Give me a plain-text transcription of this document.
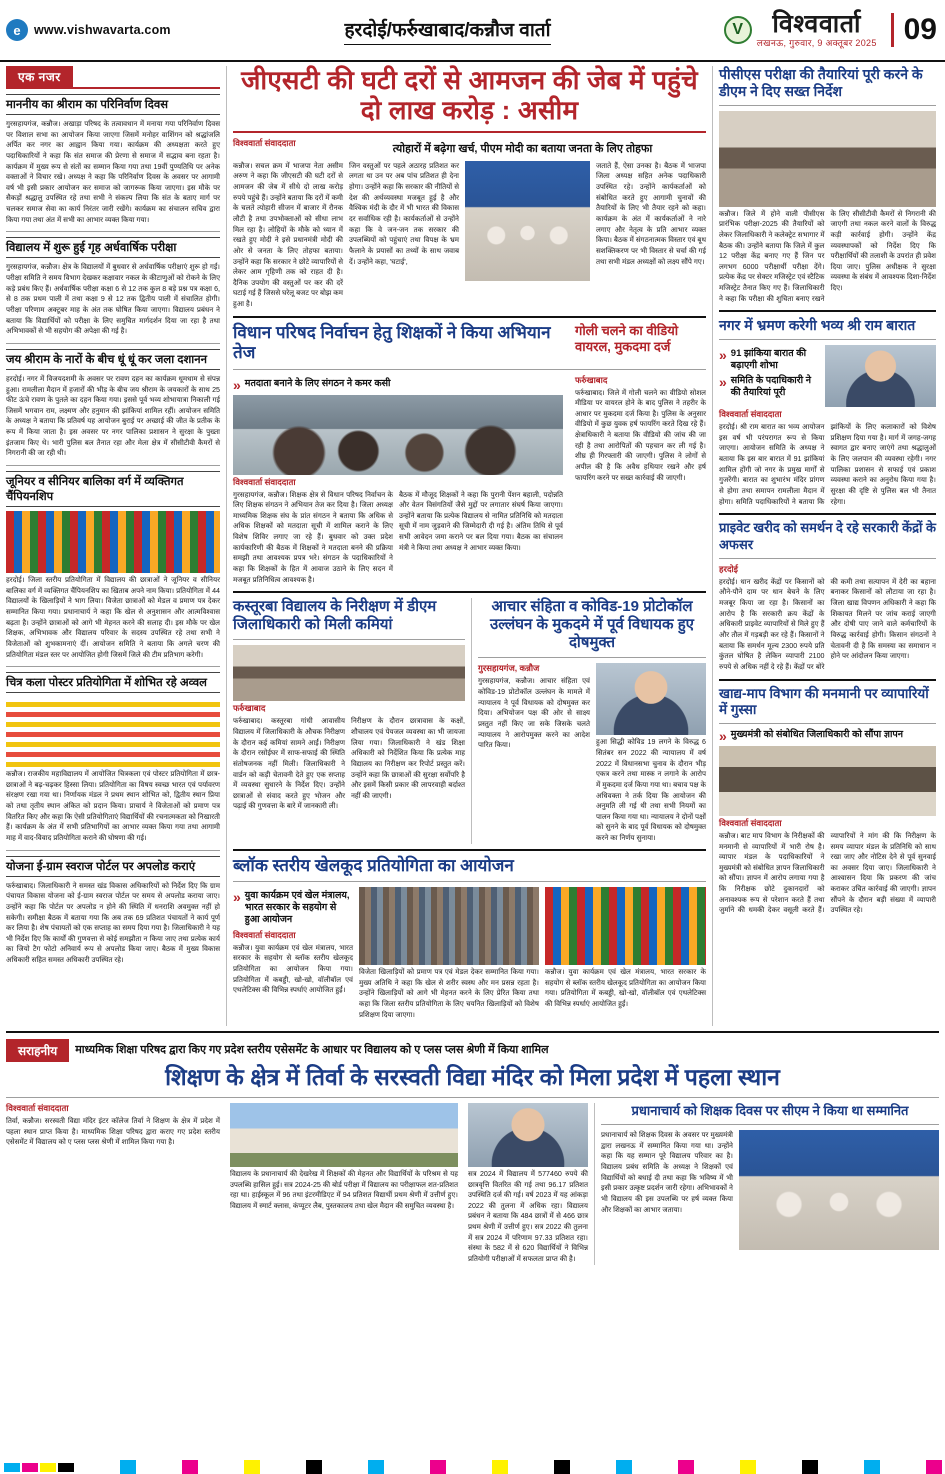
e	www.vishwavarta.com	हरदोई/फर्रुखाबाद/कन्नौज वार्ता	V	विश्ववार्ता
लखनऊ, गुरुवार, 9 अक्तूबर 2025 09
एक नजर
माननीय का श्रीराम का परिनिर्वाण दिवस
गुरसहायगंज, कन्नौज। अखाड़ा परिषद के तत्वावधान में मनाया गया परिनिर्वाण दिवस पर विशाल सभा का आयोजन किया जाएगा जिसमें मनोहर वाशिंगन को श्रद्धांजलि अर्पित कर नगर का आह्वान किया गया। कार्यक्रम की अध्यक्षता करते हुए पदाधिकारियों ने कहा कि संत समाज की प्रेरणा से समाज में सद्भाव बना रहता है। कार्यक्रम में मुख्य रूप से संतों का सम्मान किया गया तथा 19वीं पुण्यतिथि पर अनेक वक्ताओं ने विचार रखे। अध्यक्ष ने कहा कि परिनिर्वाण दिवस के अवसर पर आगामी वर्ष भी इसी प्रकार आयोजन कर समाज को जागरूक किया जाएगा। इस मौके पर सैकड़ों श्रद्धालु उपस्थित रहे तथा सभी ने संकल्प लिया कि संत के बताए मार्ग पर चलकर समाज सेवा का कार्य निरंतर जारी रखेंगे। कार्यक्रम का संचालन सचिव द्वारा किया गया तथा अंत में सभी का आभार व्यक्त किया गया।
विद्यालय में शुरू हुई गृह अर्धवार्षिक परीक्षा
गुरसहायगंज, कन्नौज। क्षेत्र के विद्यालयों में बुधवार से अर्धवार्षिक परीक्षाएं शुरू हो गईं। परीक्षा समिति ने समय विभाग देखकर कक्षावार नकल के कीटाणुओं को रोकने के लिए कड़े प्रबंध किए हैं। अर्धवार्षिक परीक्षा कक्षा 6 से 12 तक कुल 8 बड़े प्रश्न पत्र कक्षा 6, से 8 तक प्रथम पाली में तथा कक्षा 9 से 12 तक द्वितीय पाली में संचालित होगी। परीक्षा परिणाम अक्टूबर माह के अंत तक घोषित किया जाएगा। विद्यालय प्रबंधन ने बताया कि विद्यार्थियों को परीक्षा के लिए समुचित मार्गदर्शन दिया जा रहा है तथा अभिभावकों से भी सहयोग की अपेक्षा की गई है।
जय श्रीराम के नारों के बीच धूं धूं कर जला दशानन
हरदोई। नगर में विजयदशमी के अवसर पर रावण दहन का कार्यक्रम धूमधाम से संपन्न हुआ। रामलीला मैदान में हजारों की भीड़ के बीच जय श्रीराम के जयकारों के साथ 25 फीट ऊंचे रावण के पुतले का दहन किया गया। इससे पूर्व भव्य शोभायात्रा निकाली गई जिसमें भगवान राम, लक्ष्मण और हनुमान की झांकियां शामिल रहीं। आयोजन समिति के अध्यक्ष ने बताया कि प्रतिवर्ष यह आयोजन बुराई पर अच्छाई की जीत के प्रतीक के रूप में किया जाता है। इस अवसर पर नगर पालिका प्रशासन ने सुरक्षा के पुख्ता इंतजाम किए थे। भारी पुलिस बल तैनात रहा और मेला क्षेत्र में सीसीटीवी कैमरों से निगरानी की जा रही थी।
जूनियर व सीनियर बालिका वर्ग में व्यक्तिगत चैंपियनशिप
हरदोई। जिला स्तरीय प्रतियोगिता में विद्यालय की छात्राओं ने जूनियर व सीनियर बालिका वर्ग में व्यक्तिगत चैंपियनशिप का खिताब अपने नाम किया। प्रतियोगिता में 44 विद्यालयों के खिलाड़ियों ने भाग लिया। विजेता छात्राओं को मेडल व प्रमाण पत्र देकर सम्मानित किया गया। प्रधानाचार्य ने कहा कि खेल से अनुशासन और आत्मविश्वास बढ़ता है। उन्होंने छात्राओं को आगे भी मेहनत करने की सलाह दी। इस मौके पर खेल शिक्षक, अभिभावक और विद्यालय परिवार के सदस्य उपस्थित रहे तथा सभी ने विजेताओं को शुभकामनाएं दीं। आयोजन समिति ने बताया कि अगले चरण की प्रतियोगिता मंडल स्तर पर आयोजित होगी जिसमें जिले की टीम प्रतिभाग करेगी।
चित्र कला पोस्टर प्रतियोगिता में शोभित रहे अव्वल
कन्नौज। राजकीय महाविद्यालय में आयोजित चित्रकला एवं पोस्टर प्रतियोगिता में छात्र-छात्राओं ने बढ़-चढ़कर हिस्सा लिया। प्रतियोगिता का विषय स्वच्छ भारत एवं पर्यावरण संरक्षण रखा गया था। निर्णायक मंडल ने प्रथम स्थान शोभित को, द्वितीय स्थान प्रिया को तथा तृतीय स्थान अंकित को प्रदान किया। प्राचार्य ने विजेताओं को प्रमाण पत्र वितरित किए और कहा कि ऐसी प्रतियोगिताएं विद्यार्थियों की रचनात्मकता को निखारती हैं। कार्यक्रम के अंत में सभी प्रतिभागियों का आभार व्यक्त किया गया तथा आगामी माह में वाद-विवाद प्रतियोगिता कराने की घोषणा की गई।
योजना ई-ग्राम स्वराज पोर्टल पर अपलोड कराएं
फर्रुखाबाद। जिलाधिकारी ने समस्त खंड विकास अधिकारियों को निर्देश दिए कि ग्राम पंचायत विकास योजना को ई-ग्राम स्वराज पोर्टल पर समय से अपलोड कराया जाए। उन्होंने कहा कि पोर्टल पर अपलोड न होने की स्थिति में धनराशि अवमुक्त नहीं हो सकेगी। समीक्षा बैठक में बताया गया कि अब तक 69 प्रतिशत पंचायतों ने कार्य पूर्ण कर लिया है। शेष पंचायतों को एक सप्ताह का समय दिया गया है। जिलाधिकारी ने यह भी निर्देश दिए कि कार्यों की गुणवत्ता से कोई समझौता न किया जाए तथा प्रत्येक कार्य का जियो टैग फोटो अनिवार्य रूप से अपलोड किया जाए। बैठक में मुख्य विकास अधिकारी सहित समस्त अधिकारी उपस्थित रहे।
जीएसटी की घटी दरों से आमजन की जेब में पहुंचे दो लाख करोड़ : असीम
विश्ववार्ता संवाददाता	त्योहारों में बढ़ेगा खर्च, पीएम मोदी का बताया जनता के लिए तोहफा
कन्नौज। सचल क्रम में भाजपा नेता असीम अरुण ने कहा कि जीएसटी की घटी दरों से आमजन की जेब में सीधे दो लाख करोड़ रुपये पहुंचे हैं। उन्होंने बताया कि दरों में कमी के चलते त्योहारी सीजन में बाजार में रौनक लौटी है तथा उपभोक्ताओं को सीधा लाभ मिल रहा है। लोहियों के मौके को ध्यान में रखते हुए मोदी ने इसे प्रधानमंत्री मोदी की ओर से जनता के लिए तोहफा बताया। उन्होंने कहा कि सरकार ने छोटे व्यापारियों से लेकर आम गृहिणी तक को राहत दी है। दैनिक उपयोग की वस्तुओं पर कर की दरें घटाई गई हैं जिससे घरेलू बजट पर बोझ कम हुआ है।
जिन वस्तुओं पर पहले अठारह प्रतिशत कर लगता था उन पर अब पांच प्रतिशत ही देना होगा। उन्होंने कहा कि सरकार की नीतियों से देश की अर्थव्यवस्था मजबूत हुई है और वैश्विक मंदी के दौर में भी भारत की विकास दर सर्वाधिक रही है। कार्यकर्ताओं से उन्होंने कहा कि वे जन-जन तक सरकार की उपलब्धियों को पहुंचाएं तथा विपक्ष के भ्रम फैलाने के प्रयासों का तथ्यों के साथ जवाब दें। उन्होंने कहा, 'घटाई',
जताते हैं, ऐसा उनका है। बैठक में भाजपा जिला अध्यक्ष सहित अनेक पदाधिकारी उपस्थित रहे। उन्होंने कार्यकर्ताओं को संबोधित करते हुए आगामी चुनावों की तैयारियों के लिए भी तैयार रहने को कहा। कार्यक्रम के अंत में कार्यकर्ताओं ने नारे लगाए और नेतृत्व के प्रति आभार व्यक्त किया। बैठक में संगठनात्मक विस्तार एवं बूथ सशक्तिकरण पर भी विस्तार से चर्चा की गई तथा सभी मंडल अध्यक्षों को लक्ष्य सौंपे गए।
विधान परिषद निर्वाचन हेतु शिक्षकों ने किया अभियान तेज
गोली चलने का वीडियो वायरल, मुकदमा दर्ज
» मतदाता बनाने के लिए संगठन ने कमर कसी
विश्ववार्ता संवाददाता
गुरसहायगंज, कन्नौज। शिक्षक क्षेत्र से विधान परिषद निर्वाचन के लिए शिक्षक संगठन ने अभियान तेज कर दिया है। जिला अध्यक्ष माध्यमिक शिक्षक संघ के प्रांत संगठन ने बताया कि अधिक से अधिक शिक्षकों को मतदाता सूची में शामिल कराने के लिए विशेष शिविर लगाए जा रहे हैं। बुधवार को उक्त प्रदेश कार्यकारिणी की बैठक में शिक्षकों ने मतदाता बनने की प्रक्रिया समझी तथा आवश्यक प्रपत्र भरे। संगठन के पदाधिकारियों ने कहा कि शिक्षकों के हित में आवाज उठाने के लिए सदन में मजबूत प्रतिनिधित्व आवश्यक है।
बैठक में मौजूद शिक्षकों ने कहा कि पुरानी पेंशन बहाली, पदोन्नति और वेतन विसंगतियों जैसे मुद्दों पर लगातार संघर्ष किया जाएगा। उन्होंने बताया कि प्रत्येक विद्यालय से नामित प्रतिनिधि को मतदाता सूची में नाम जुड़वाने की जिम्मेदारी दी गई है। अंतिम तिथि से पूर्व सभी आवेदन जमा कराने पर बल दिया गया। बैठक का संचालन मंत्री ने किया तथा अध्यक्ष ने आभार व्यक्त किया।
फर्रुखाबाद
फर्रुखाबाद। जिले में गोली चलने का वीडियो सोशल मीडिया पर वायरल होने के बाद पुलिस ने तहरीर के आधार पर मुकदमा दर्ज किया है। पुलिस के अनुसार वीडियो में कुछ युवक हर्ष फायरिंग करते दिख रहे हैं। क्षेत्राधिकारी ने बताया कि वीडियो की जांच की जा रही है तथा आरोपितों की पहचान कर ली गई है। शीघ्र ही गिरफ्तारी की जाएगी। पुलिस ने लोगों से अपील की है कि अवैध हथियार रखने और हर्ष फायरिंग करने पर सख्त कार्रवाई की जाएगी।
कस्तूरबा विद्यालय के निरीक्षण में डीएम जिलाधिकारी को मिली कमियां
फर्रुखाबाद
फर्रुखाबाद। कस्तूरबा गांधी आवासीय विद्यालय में जिलाधिकारी के औचक निरीक्षण के दौरान कई कमियां सामने आईं। निरीक्षण के दौरान रसोईघर में साफ-सफाई की स्थिति संतोषजनक नहीं मिली। जिलाधिकारी ने वार्डन को कड़ी चेतावनी देते हुए एक सप्ताह में व्यवस्था सुधारने के निर्देश दिए। उन्होंने छात्राओं से संवाद करते हुए भोजन और पढ़ाई की गुणवत्ता के बारे में जानकारी ली।
निरीक्षण के दौरान छात्रावास के कक्षों, शौचालय एवं पेयजल व्यवस्था का भी जायजा लिया गया। जिलाधिकारी ने खंड शिक्षा अधिकारी को निर्देशित किया कि प्रत्येक माह विद्यालय का निरीक्षण कर रिपोर्ट प्रस्तुत करें। उन्होंने कहा कि छात्राओं की सुरक्षा सर्वोपरि है और इसमें किसी प्रकार की लापरवाही बर्दाश्त नहीं की जाएगी।
आचार संहिता व कोविड-19 प्रोटोकॉल
उल्लंघन के मुकदमे में पूर्व विधायक हुए दोषमुक्त
गुरसहायगंज, कन्नौज
गुरसहायगंज, कन्नौज। आचार संहिता एवं कोविड-19 प्रोटोकॉल उल्लंघन के मामले में न्यायालय ने पूर्व विधायक को दोषमुक्त कर दिया। अभियोजन पक्ष की ओर से साक्ष्य प्रस्तुत नहीं किए जा सके जिसके चलते न्यायालय ने आरोपमुक्त करने का आदेश पारित किया।	हुआ सिद्धी कोविड 19 लगने के विरुद्ध 6 सितंबर सन 2022 की न्यायालय में वर्ष 2022 में विधानसभा चुनाव के दौरान भीड़ एकत्र करने तथा मास्क न लगाने के आरोप में मुकदमा दर्ज किया गया था। बचाव पक्ष के अधिवक्ता ने तर्क दिया कि आयोजन की अनुमति ली गई थी तथा सभी नियमों का पालन किया गया था। न्यायालय ने दोनों पक्षों को सुनने के बाद पूर्व विधायक को दोषमुक्त करने का निर्णय सुनाया।
ब्लॉक स्तरीय खेलकूद प्रतियोगिता का आयोजन
» युवा कार्यक्रम एवं खेल मंत्रालय, भारत सरकार के सहयोग से हुआ आयोजन
विश्ववार्ता संवाददाता
कन्नौज। युवा कार्यक्रम एवं खेल मंत्रालय, भारत सरकार के सहयोग से ब्लॉक स्तरीय खेलकूद प्रतियोगिता का आयोजन किया गया। प्रतियोगिता में कबड्डी, खो-खो, वॉलीबॉल एवं एथलेटिक्स की विभिन्न स्पर्धाएं आयोजित हुईं।
विजेता खिलाड़ियों को प्रमाण पत्र एवं मेडल देकर सम्मानित किया गया। मुख्य अतिथि ने कहा कि खेल से शरीर स्वस्थ और मन प्रसन्न रहता है। उन्होंने खिलाड़ियों को आगे भी मेहनत करने के लिए प्रेरित किया तथा कहा कि जिला स्तरीय प्रतियोगिता के लिए चयनित खिलाड़ियों को विशेष प्रशिक्षण दिया जाएगा।
कन्नौज। युवा कार्यक्रम एवं खेल मंत्रालय, भारत सरकार के सहयोग से ब्लॉक स्तरीय खेलकूद प्रतियोगिता का आयोजन किया गया। प्रतियोगिता में कबड्डी, खो-खो, वॉलीबॉल एवं एथलेटिक्स की विभिन्न स्पर्धाएं आयोजित हुईं।
पीसीएस परीक्षा की तैयारियां पूरी करने के डीएम ने दिए सख्त निर्देश
कन्नौज। जिले में होने वाली पीसीएस प्रारंभिक परीक्षा-2025 की तैयारियों को लेकर जिलाधिकारी ने कलेक्ट्रेट सभागार में बैठक की। उन्होंने बताया कि जिले में कुल 12 परीक्षा केंद्र बनाए गए हैं जिन पर लगभग 6000 परीक्षार्थी परीक्षा देंगे। प्रत्येक केंद्र पर सेक्टर मजिस्ट्रेट एवं स्टैटिक मजिस्ट्रेट तैनात किए गए हैं। जिलाधिकारी ने कहा कि परीक्षा की शुचिता बनाए रखने के लिए सीसीटीवी कैमरों से निगरानी की जाएगी तथा नकल करने वालों के विरुद्ध कड़ी कार्रवाई होगी। उन्होंने केंद्र व्यवस्थापकों को निर्देश दिए कि परीक्षार्थियों की तलाशी के उपरांत ही प्रवेश दिया जाए। पुलिस अधीक्षक ने सुरक्षा व्यवस्था के संबंध में आवश्यक दिशा-निर्देश दिए।
नगर में भ्रमण करेगी भव्य श्री राम बारात
» 91 झांकिया बारात की बढ़ाएगी शोभा
» समिति के पदाधिकारी ने की तैयारियां पूरी
विश्ववार्ता संवाददाता
हरदोई। श्री राम बारात का भव्य आयोजन इस वर्ष भी परंपरागत रूप से किया जाएगा। आयोजन समिति के अध्यक्ष ने बताया कि इस बार बारात में 91 झांकियां शामिल होंगी जो नगर के प्रमुख मार्गों से गुजरेंगी। बारात का शुभारंभ मंदिर प्रांगण से होगा तथा समापन रामलीला मैदान में होगा। समिति पदाधिकारियों ने बताया कि झांकियों के लिए कलाकारों को विशेष प्रशिक्षण दिया गया है। मार्ग में जगह-जगह स्वागत द्वार बनाए जाएंगे तथा श्रद्धालुओं के लिए जलपान की व्यवस्था रहेगी। नगर पालिका प्रशासन से सफाई एवं प्रकाश व्यवस्था कराने का अनुरोध किया गया है। सुरक्षा की दृष्टि से पुलिस बल भी तैनात रहेगा।
प्राइवेट खरीद को समर्थन दे रहे सरकारी केंद्रों के अफसर
हरदोई
हरदोई। धान खरीद केंद्रों पर किसानों को औने-पौने दाम पर धान बेचने के लिए मजबूर किया जा रहा है। किसानों का आरोप है कि सरकारी क्रय केंद्रों के अधिकारी प्राइवेट व्यापारियों से मिले हुए हैं और तौल में गड़बड़ी कर रहे हैं। किसानों ने बताया कि समर्थन मूल्य 2300 रुपये प्रति कुंतल घोषित है लेकिन व्यापारी 2100 रुपये से अधिक नहीं दे रहे हैं। केंद्रों पर बोरे की कमी तथा सत्यापन में देरी का बहाना बनाकर किसानों को लौटाया जा रहा है। जिला खाद्य विपणन अधिकारी ने कहा कि शिकायत मिलने पर जांच कराई जाएगी और दोषी पाए जाने वाले कर्मचारियों के विरुद्ध कार्रवाई होगी। किसान संगठनों ने चेतावनी दी है कि समस्या का समाधान न होने पर आंदोलन किया जाएगा।
खाद्य-माप विभाग की मनमानी पर व्यापारियों में गुस्सा
» मुख्यमंत्री को संबोधित जिलाधिकारी को सौंपा ज्ञापन
विश्ववार्ता संवाददाता
कन्नौज। बाट माप विभाग के निरीक्षकों की मनमानी से व्यापारियों में भारी रोष है। व्यापार मंडल के पदाधिकारियों ने मुख्यमंत्री को संबोधित ज्ञापन जिलाधिकारी को सौंपा। ज्ञापन में आरोप लगाया गया है कि निरीक्षक छोटे दुकानदारों को अनावश्यक रूप से परेशान करते हैं तथा जुर्माने की धमकी देकर वसूली करते हैं। व्यापारियों ने मांग की कि निरीक्षण के समय व्यापार मंडल के प्रतिनिधि को साथ रखा जाए और नोटिस देने से पूर्व सुनवाई का अवसर दिया जाए। जिलाधिकारी ने आश्वासन दिया कि प्रकरण की जांच कराकर उचित कार्रवाई की जाएगी। ज्ञापन सौंपने के दौरान बड़ी संख्या में व्यापारी उपस्थित रहे।
सराहनीय	माध्यमिक शिक्षा परिषद द्वारा किए गए प्रदेश स्तरीय एसेसमेंट के आधार पर विद्यालय को ए प्लस प्लस श्रेणी में किया शामिल
शिक्षण के क्षेत्र में तिर्वा के सरस्वती विद्या मंदिर को मिला प्रदेश में पहला स्थान
विश्ववार्ता संवाददाता
तिर्वा, कन्नौज। सरस्वती विद्या मंदिर इंटर कॉलेज तिर्वा ने शिक्षण के क्षेत्र में प्रदेश में पहला स्थान प्राप्त किया है। माध्यमिक शिक्षा परिषद द्वारा कराए गए प्रदेश स्तरीय एसेसमेंट में विद्यालय को ए प्लस प्लस श्रेणी में शामिल किया गया है।
विद्यालय के प्रधानाचार्य की देखरेख में शिक्षकों की मेहनत और विद्यार्थियों के परिश्रम से यह उपलब्धि हासिल हुई। सत्र 2024-25 की बोर्ड परीक्षा में विद्यालय का परीक्षाफल शत-प्रतिशत रहा था। हाईस्कूल में 96 तथा इंटरमीडिएट में 94 प्रतिशत विद्यार्थी प्रथम श्रेणी में उत्तीर्ण हुए। विद्यालय में स्मार्ट क्लास, कंप्यूटर लैब, पुस्तकालय तथा खेल मैदान की समुचित व्यवस्था है।
सत्र 2024 में विद्यालय में 577460 रुपये की छात्रवृत्ति वितरित की गई तथा 96.17 प्रतिशत उपस्थिति दर्ज की गई। वर्ष 2023 में यह आंकड़ा 2022 की तुलना में अधिक रहा। विद्यालय प्रबंधन ने बताया कि 484 छात्रों में से 466 छात्र प्रथम श्रेणी में उत्तीर्ण हुए। सत्र 2022 की तुलना में सत्र 2024 में परिणाम 97.33 प्रतिशत रहा। संस्था के 582 में से 620 विद्यार्थियों ने विभिन्न प्रतियोगी परीक्षाओं में सफलता प्राप्त की है।
प्रधानाचार्य को शिक्षक दिवस पर सीएम ने किया था सम्मानित
प्रधानाचार्य को शिक्षक दिवस के अवसर पर मुख्यमंत्री द्वारा लखनऊ में सम्मानित किया गया था। उन्होंने कहा कि यह सम्मान पूरे विद्यालय परिवार का है। विद्यालय प्रबंध समिति के अध्यक्ष ने शिक्षकों एवं विद्यार्थियों को बधाई दी तथा कहा कि भविष्य में भी इसी प्रकार उत्कृष्ट प्रदर्शन जारी रहेगा। अभिभावकों ने भी विद्यालय की इस उपलब्धि पर हर्ष व्यक्त किया और शिक्षकों का आभार जताया।
